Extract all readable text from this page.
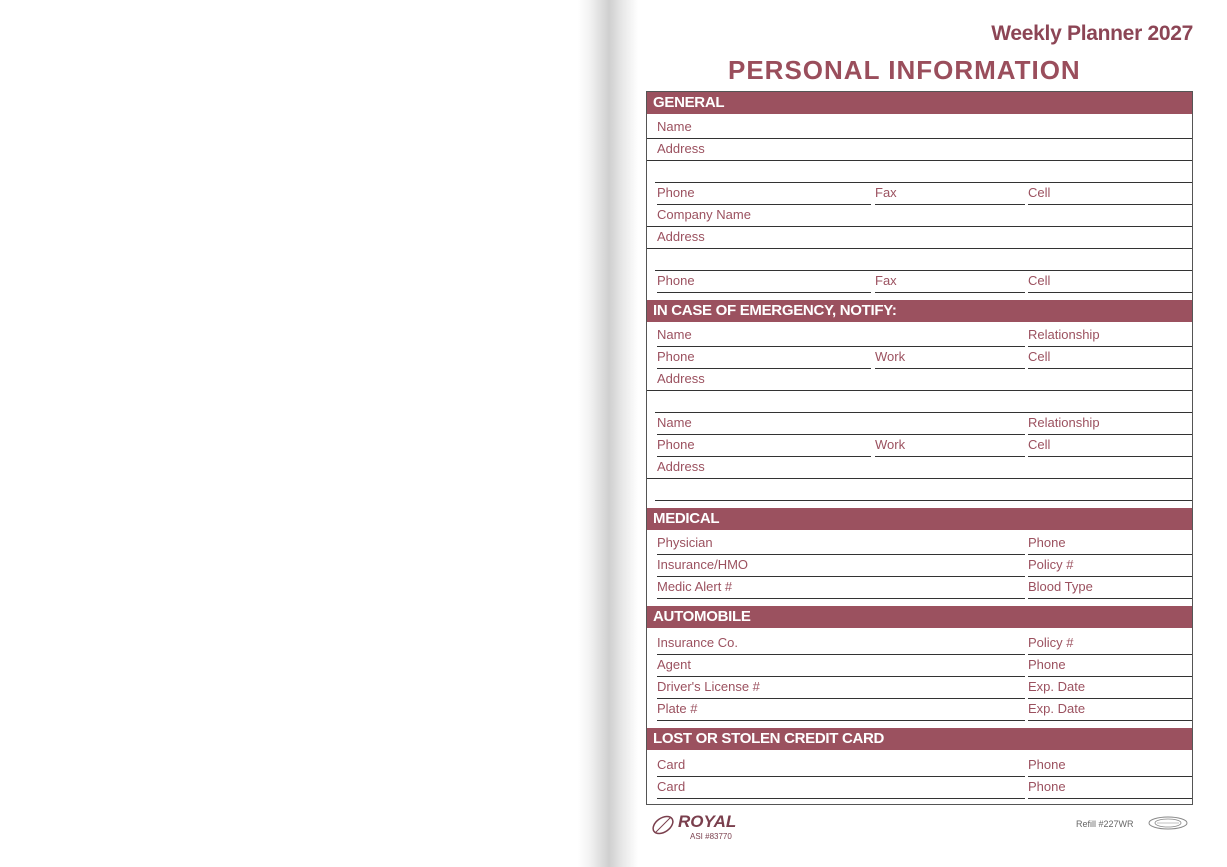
Weekly Planner 2027
PERSONAL INFORMATION
GENERAL
Name
Address
Phone	Fax	Cell
Company Name
Address
Phone	Fax	Cell
IN CASE OF EMERGENCY, NOTIFY:
Name	Relationship
Phone	Work	Cell
Address
Name	Relationship
Phone	Work	Cell
Address
MEDICAL
Physician	Phone
Insurance/HMO	Policy #
Medic Alert #	Blood Type
AUTOMOBILE
Insurance Co.	Policy #
Agent	Phone
Driver's License #	Exp. Date
Plate #	Exp. Date
LOST OR STOLEN CREDIT CARD
Card	Phone
Card	Phone
ROYAL
ASI #83770
Refill #227WR
